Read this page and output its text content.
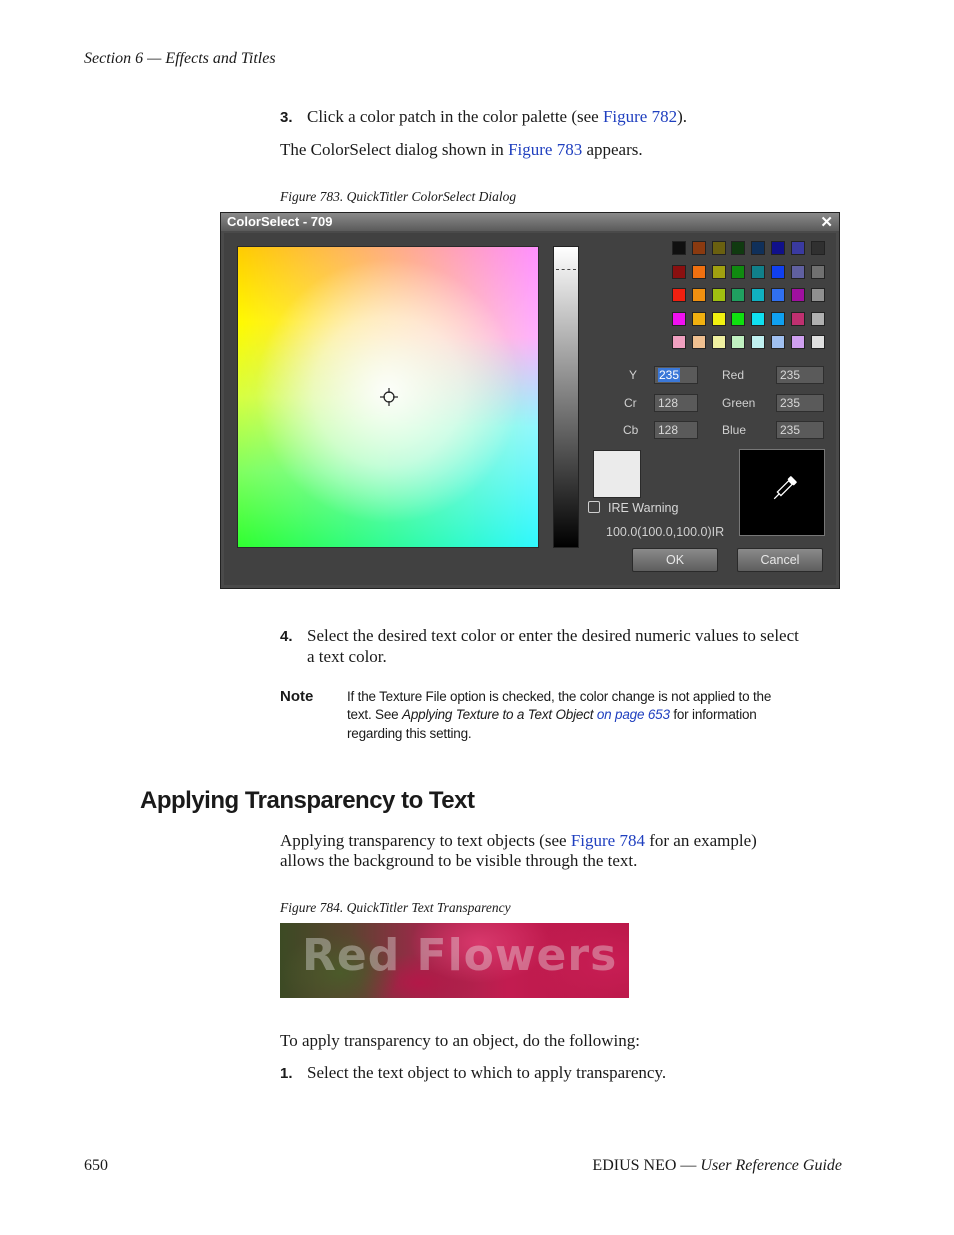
Section 6 — Effects and Titles
3. Click a color patch in the color palette (see Figure 782).
The ColorSelect dialog shown in Figure 783 appears.
Figure 783. QuickTitler ColorSelect Dialog
ColorSelect - 709	✕
Y	235
Cr	128
Cb	128
Red	235
Green	235
Blue	235
IRE Warning
100.0(100.0,100.0)IR
OK	Cancel
4. Select the desired text color or enter the desired numeric values to select
a text color.
Note If the Texture File option is checked, the color change is not applied to the
text. See Applying Texture to a Text Object on page 653 for information
regarding this setting.
Applying Transparency to Text
Applying transparency to text objects (see Figure 784 for an example)
allows the background to be visible through the text.
Figure 784. QuickTitler Text Transparency
Red Flowers
To apply transparency to an object, do the following:
1. Select the text object to which to apply transparency.
650	EDIUS NEO — User Reference Guide
